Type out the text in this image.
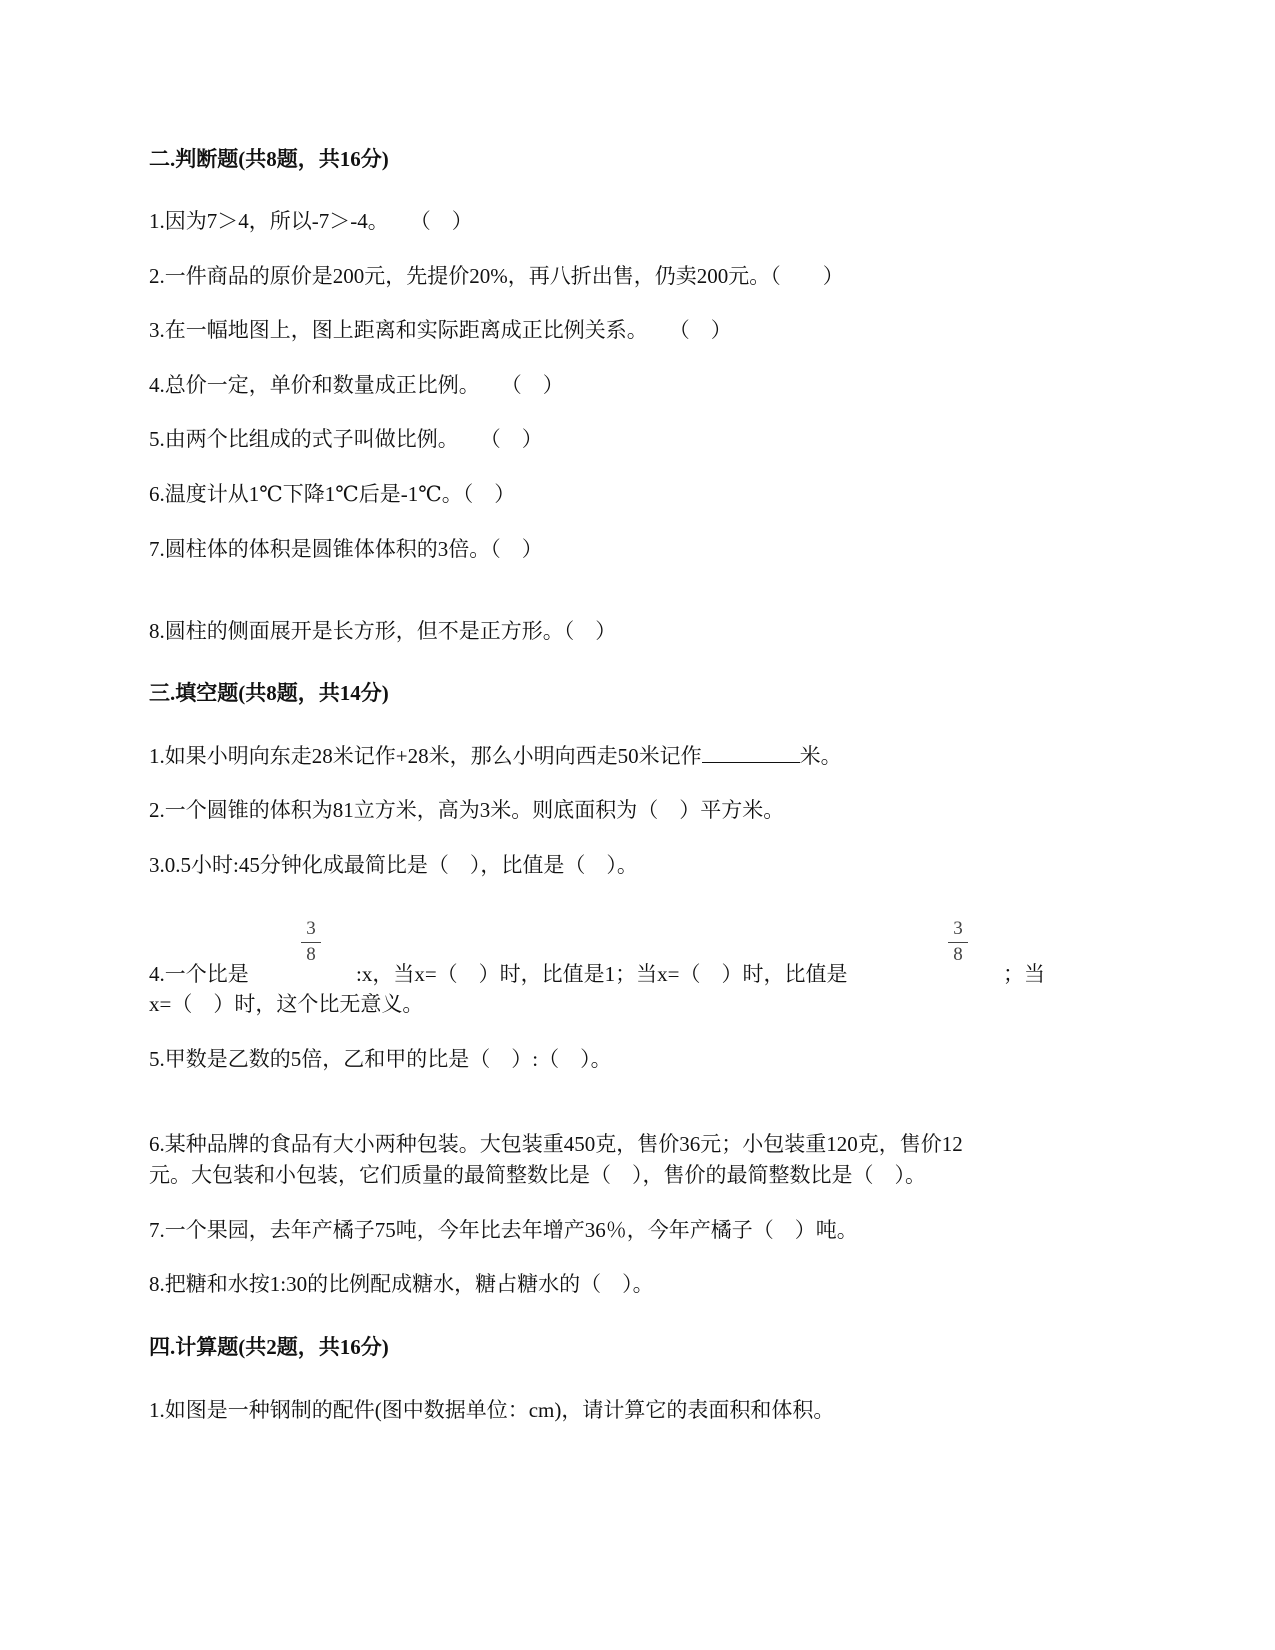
二.判断题(共8题，共16分)
1.因为7＞4，所以-7＞-4。　　（　）
2.一件商品的原价是200元，先提价20%，再八折出售，仍卖200元。（　　）
3.在一幅地图上，图上距离和实际距离成正比例关系。　　（　）
4.总价一定，单价和数量成正比例。　　（　）
5.由两个比组成的式子叫做比例。　　（　）
6.温度计从1℃下降1℃后是-1℃。（　）
7.圆柱体的体积是圆锥体体积的3倍。（　）
8.圆柱的侧面展开是长方形，但不是正方形。（　）
三.填空题(共8题，共14分)
1.如果小明向东走28米记作+28米，那么小明向西走50米记作	米。
2.一个圆锥的体积为81立方米，高为3米。则底面积为（　）平方米。
3.0.5小时:45分钟化成最简比是（　），比值是（　）。
3
8
3
8
4.一个比是	:x，当x=（　）时，比值是1；当x=（　）时，比值是	；当
x=（　）时，这个比无意义。
5.甲数是乙数的5倍，乙和甲的比是（　）:（　）。
6.某种品牌的食品有大小两种包装。大包装重450克，售价36元；小包装重120克，售价12
元。大包装和小包装，它们质量的最简整数比是（　），售价的最简整数比是（　）。
7.一个果园，去年产橘子75吨，今年比去年增产36％，今年产橘子（　）吨。
8.把糖和水按1:30的比例配成糖水，糖占糖水的（　）。
四.计算题(共2题，共16分)
1.如图是一种钢制的配件(图中数据单位：cm)，请计算它的表面积和体积。
